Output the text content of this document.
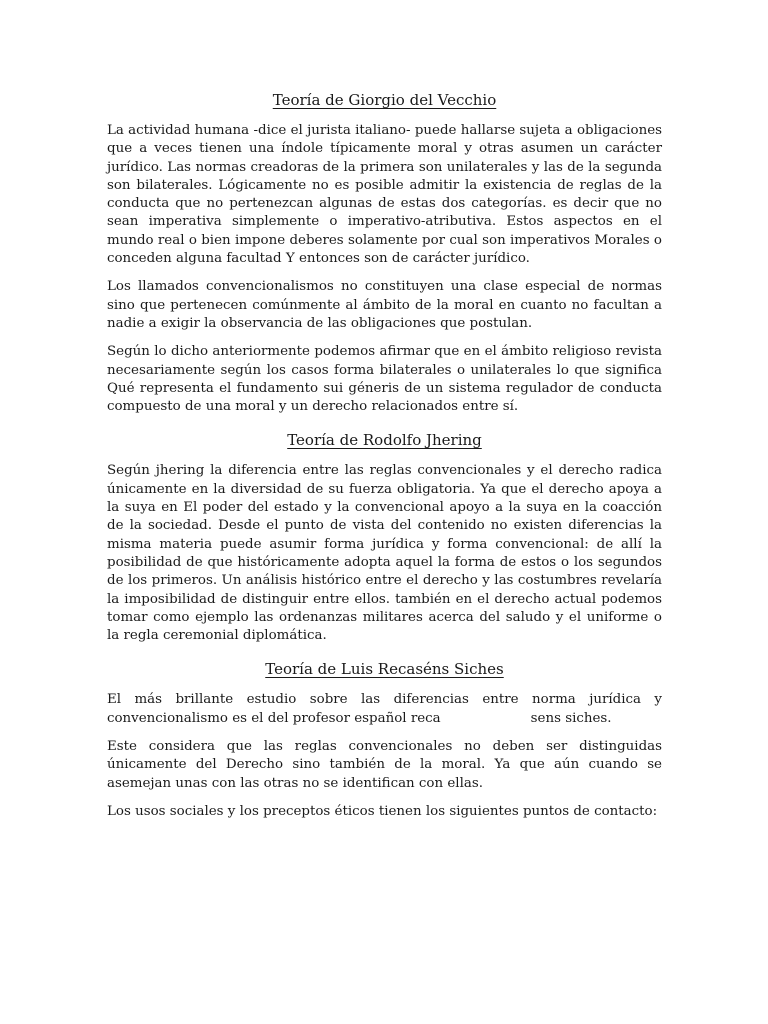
Teoría de Giorgio del Vecchio

La actividad humana -dice el jurista italiano- puede hallarse sujeta a obligaciones que a veces tienen una índole típicamente moral y otras asumen un carácter jurídico. Las normas creadoras de la primera son unilaterales y las de la segunda son bilaterales. Lógicamente no es posible admitir la existencia de reglas de la conducta que no pertenezcan algunas de estas dos categorías. es decir que no sean imperativa simplemente o imperativo-atributiva. Estos aspectos en el mundo real o bien impone deberes solamente por cual son imperativos Morales o conceden alguna facultad Y entonces son de carácter jurídico.

Los llamados convencionalismos no constituyen una clase especial de normas sino que pertenecen comúnmente al ámbito de la moral en cuanto no facultan a nadie a exigir la observancia de las obligaciones que postulan.

Según lo dicho anteriormente podemos afirmar que en el ámbito religioso revista necesariamente según los casos forma bilaterales o unilaterales lo que significa Qué representa el fundamento sui géneris de un sistema regulador de conducta compuesto de una moral y un derecho relacionados entre sí.

Teoría de Rodolfo Jhering

Según jhering la diferencia entre las reglas convencionales y el derecho radica únicamente en la diversidad de su fuerza obligatoria. Ya que el derecho apoya a la suya en El poder del estado y la convencional apoyo a la suya en la coacción de la sociedad. Desde el punto de vista del contenido no existen diferencias la misma materia puede asumir forma jurídica y forma convencional: de allí la posibilidad de que históricamente adopta aquel la forma de estos o los segundos de los primeros. Un análisis histórico entre el derecho y las costumbres revelaría la imposibilidad de distinguir entre ellos. también en el derecho actual podemos tomar como ejemplo las ordenanzas militares acerca del saludo y el uniforme o la regla ceremonial diplomática.

Teoría de Luis Recaséns Siches

El más brillante estudio sobre las diferencias entre norma jurídica y convencionalismo es el del profesor español reca	sens siches.

Este considera que las reglas convencionales no deben ser distinguidas únicamente del Derecho sino también de la moral. Ya que aún cuando se asemejan unas con las otras no se identifican con ellas.

Los usos sociales y los preceptos éticos tienen los siguientes puntos de contacto:
